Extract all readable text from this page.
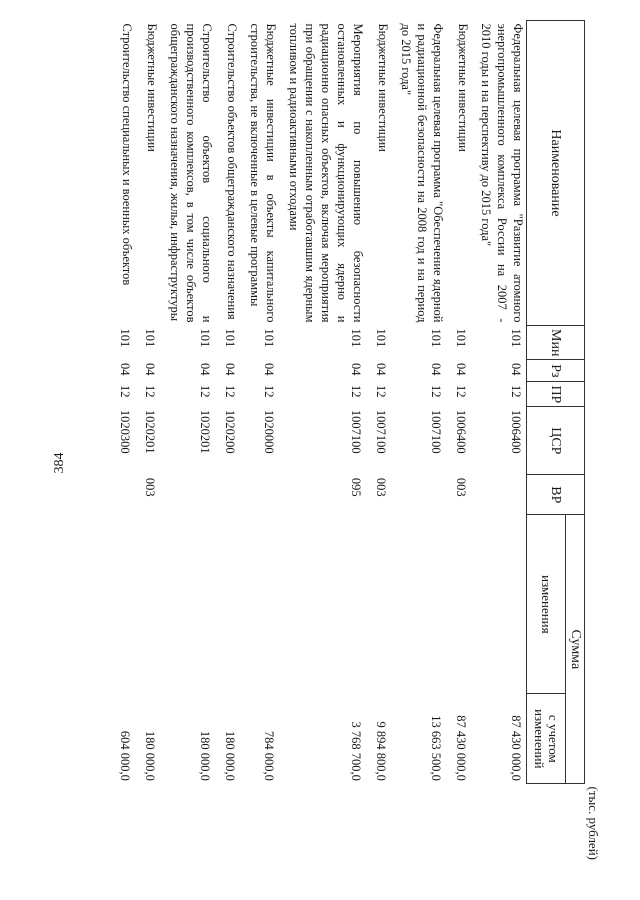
384
(тыс. рублей)
Наименование	Мин	Рз	ПР	ЦСР	ВР	Сумма	
						изменения	с учетом изменений
Федеральная целевая программа "Развитие атомного энергопромышленного комплекса России на 2007 - 2010 годы и на перспективу до 2015 года"	101	04	12	1006400			87 430 000,0
Бюджетные инвестиции	101	04	12	1006400	003		87 430 000,0
Федеральная целевая программа "Обеспечение ядерной и радиационной безопасности на 2008 год и на период до 2015 года"	101	04	12	1007100			13 663 500,0
Бюджетные инвестиции	101	04	12	1007100	003		9 894 800,0
Мероприятия по повышению безопасности остановленных и функционирующих ядерно и радиационно опасных объектов, включая мероприятия при обращении с накопленным отработавшим ядерным топливом и радиоактивными отходами	101	04	12	1007100	095		3 768 700,0
Бюджетные инвестиции в объекты капитального строительства, не включенные в целевые программы	101	04	12	1020000			784 000,0
Строительство объектов общегражданского назначения	101	04	12	1020200			180 000,0
Строительство объектов социального и производственного комплексов, в том числе объектов общегражданского назначения, жилья, инфраструктуры	101	04	12	1020201			180 000,0
Бюджетные инвестиции	101	04	12	1020201	003		180 000,0
Строительство специальных и военных объектов	101	04	12	1020300			604 000,0
